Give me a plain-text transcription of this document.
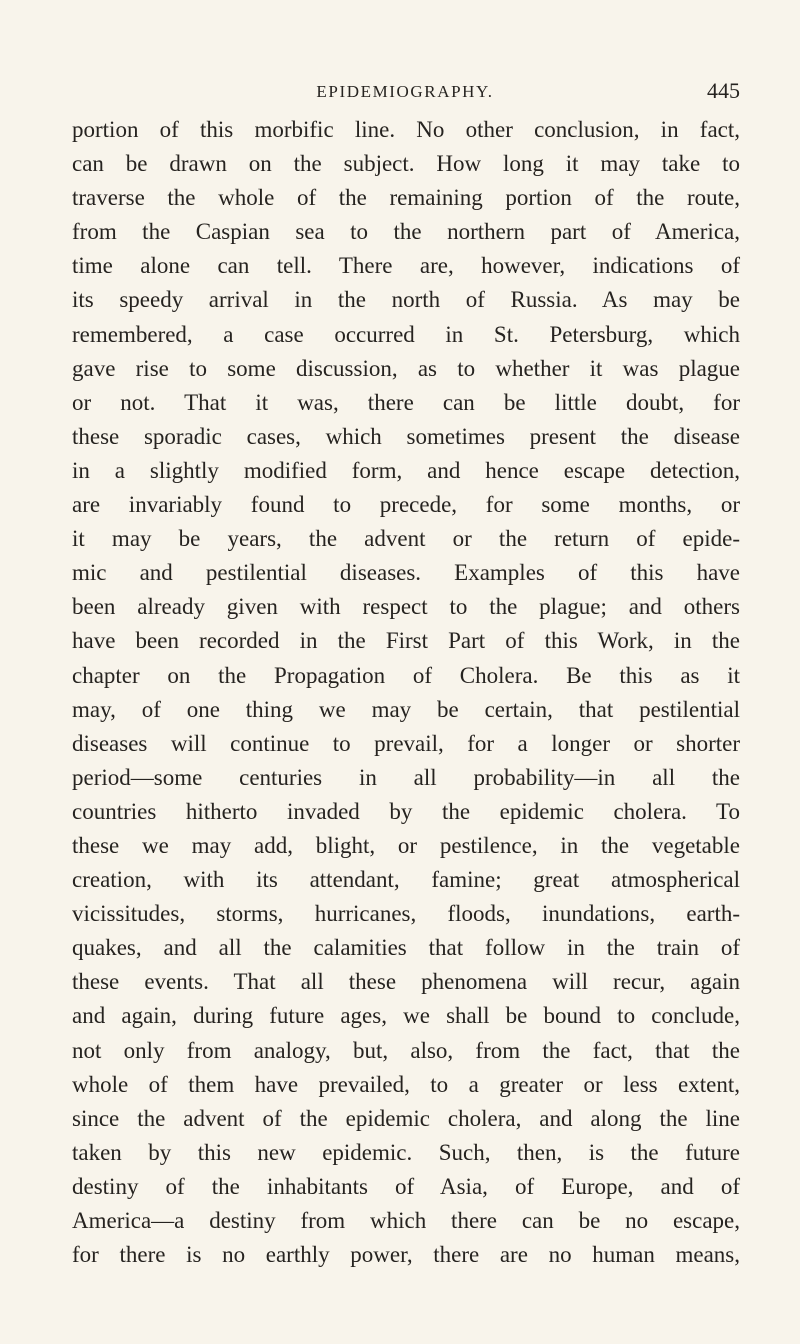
EPIDEMIOGRAPHY.	445
portion of this morbific line. No other conclusion, in fact,
can be drawn on the subject. How long it may take to
traverse the whole of the remaining portion of the route,
from the Caspian sea to the northern part of America,
time alone can tell. There are, however, indications of
its speedy arrival in the north of Russia. As may be
remembered, a case occurred in St. Petersburg, which
gave rise to some discussion, as to whether it was plague
or not. That it was, there can be little doubt, for
these sporadic cases, which sometimes present the disease
in a slightly modified form, and hence escape detection,
are invariably found to precede, for some months, or
it may be years, the advent or the return of epide-
mic and pestilential diseases. Examples of this have
been already given with respect to the plague; and others
have been recorded in the First Part of this Work, in the
chapter on the Propagation of Cholera. Be this as it
may, of one thing we may be certain, that pestilential
diseases will continue to prevail, for a longer or shorter
period—some centuries in all probability—in all the
countries hitherto invaded by the epidemic cholera. To
these we may add, blight, or pestilence, in the vegetable
creation, with its attendant, famine; great atmospherical
vicissitudes, storms, hurricanes, floods, inundations, earth-
quakes, and all the calamities that follow in the train of
these events. That all these phenomena will recur, again
and again, during future ages, we shall be bound to conclude,
not only from analogy, but, also, from the fact, that the
whole of them have prevailed, to a greater or less extent,
since the advent of the epidemic cholera, and along the line
taken by this new epidemic. Such, then, is the future
destiny of the inhabitants of Asia, of Europe, and of
America—a destiny from which there can be no escape,
for there is no earthly power, there are no human means,
